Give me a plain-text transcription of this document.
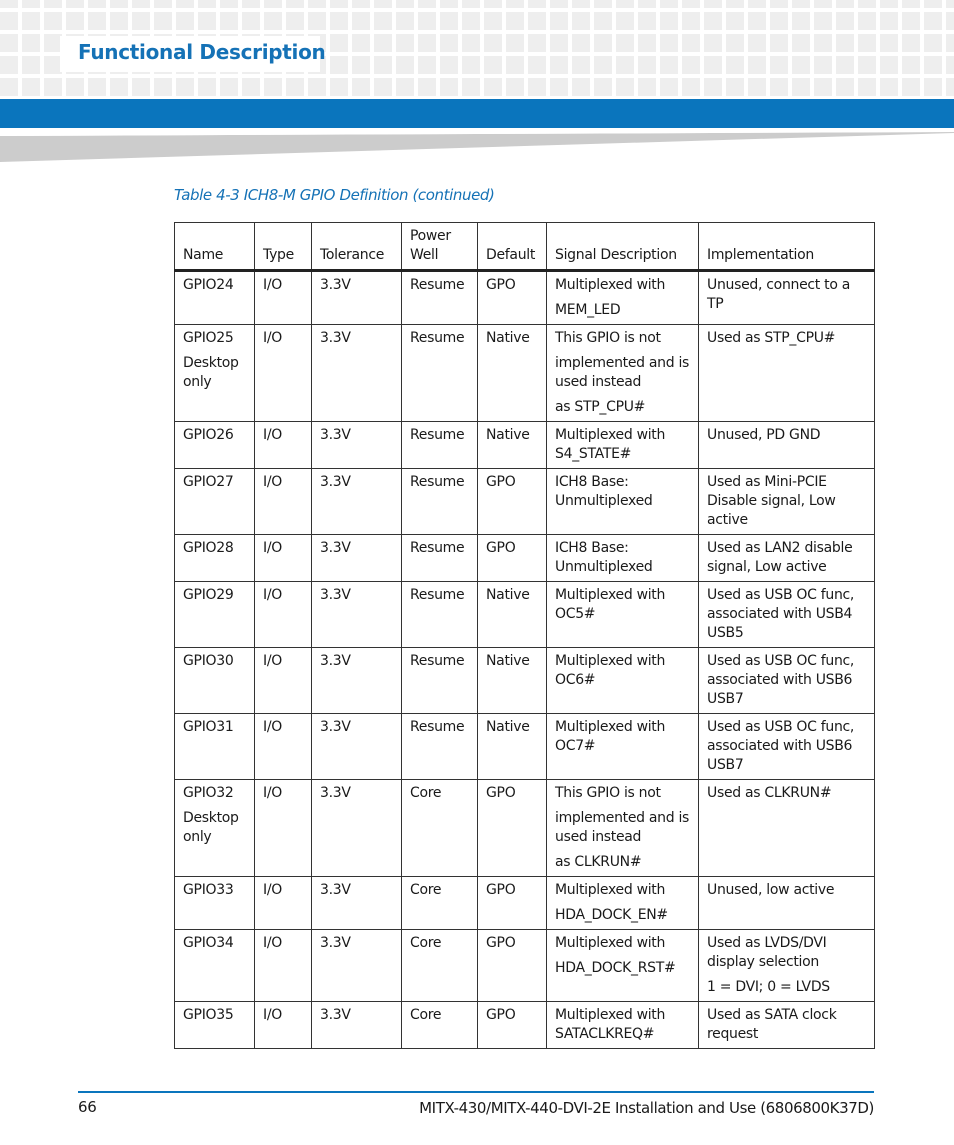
Functional Description
Table 4-3 ICH8-M GPIO Definition (continued)
Name	Type	Tolerance	Power Well	Default	Signal Description	Implementation

GPIO24	I/O	3.3V	Resume	GPO	Multiplexed with
MEM_LED	Unused, connect to a TP

GPIO25
Desktop only	I/O	3.3V	Resume	Native	This GPIO is not
implemented and is used instead
as STP_CPU#	Used as STP_CPU#

GPIO26	I/O	3.3V	Resume	Native	Multiplexed with S4_STATE#	Unused, PD GND

GPIO27	I/O	3.3V	Resume	GPO	ICH8 Base: Unmultiplexed	Used as Mini-PCIE Disable signal, Low active

GPIO28	I/O	3.3V	Resume	GPO	ICH8 Base: Unmultiplexed	Used as LAN2 disable signal, Low active

GPIO29	I/O	3.3V	Resume	Native	Multiplexed with OC5#	Used as USB OC func, associated with USB4 USB5

GPIO30	I/O	3.3V	Resume	Native	Multiplexed with OC6#	Used as USB OC func, associated with USB6 USB7

GPIO31	I/O	3.3V	Resume	Native	Multiplexed with OC7#	Used as USB OC func, associated with USB6 USB7

GPIO32
Desktop only	I/O	3.3V	Core	GPO	This GPIO is not
implemented and is used instead
as CLKRUN#	Used as CLKRUN#

GPIO33	I/O	3.3V	Core	GPO	Multiplexed with
HDA_DOCK_EN#	Unused, low active

GPIO34	I/O	3.3V	Core	GPO	Multiplexed with
HDA_DOCK_RST#	Used as LVDS/DVI display selection
1 = DVI; 0 = LVDS

GPIO35	I/O	3.3V	Core	GPO	Multiplexed with SATACLKREQ#	Used as SATA clock request
66	MITX-430/MITX-440-DVI-2E Installation and Use (6806800K37D)
